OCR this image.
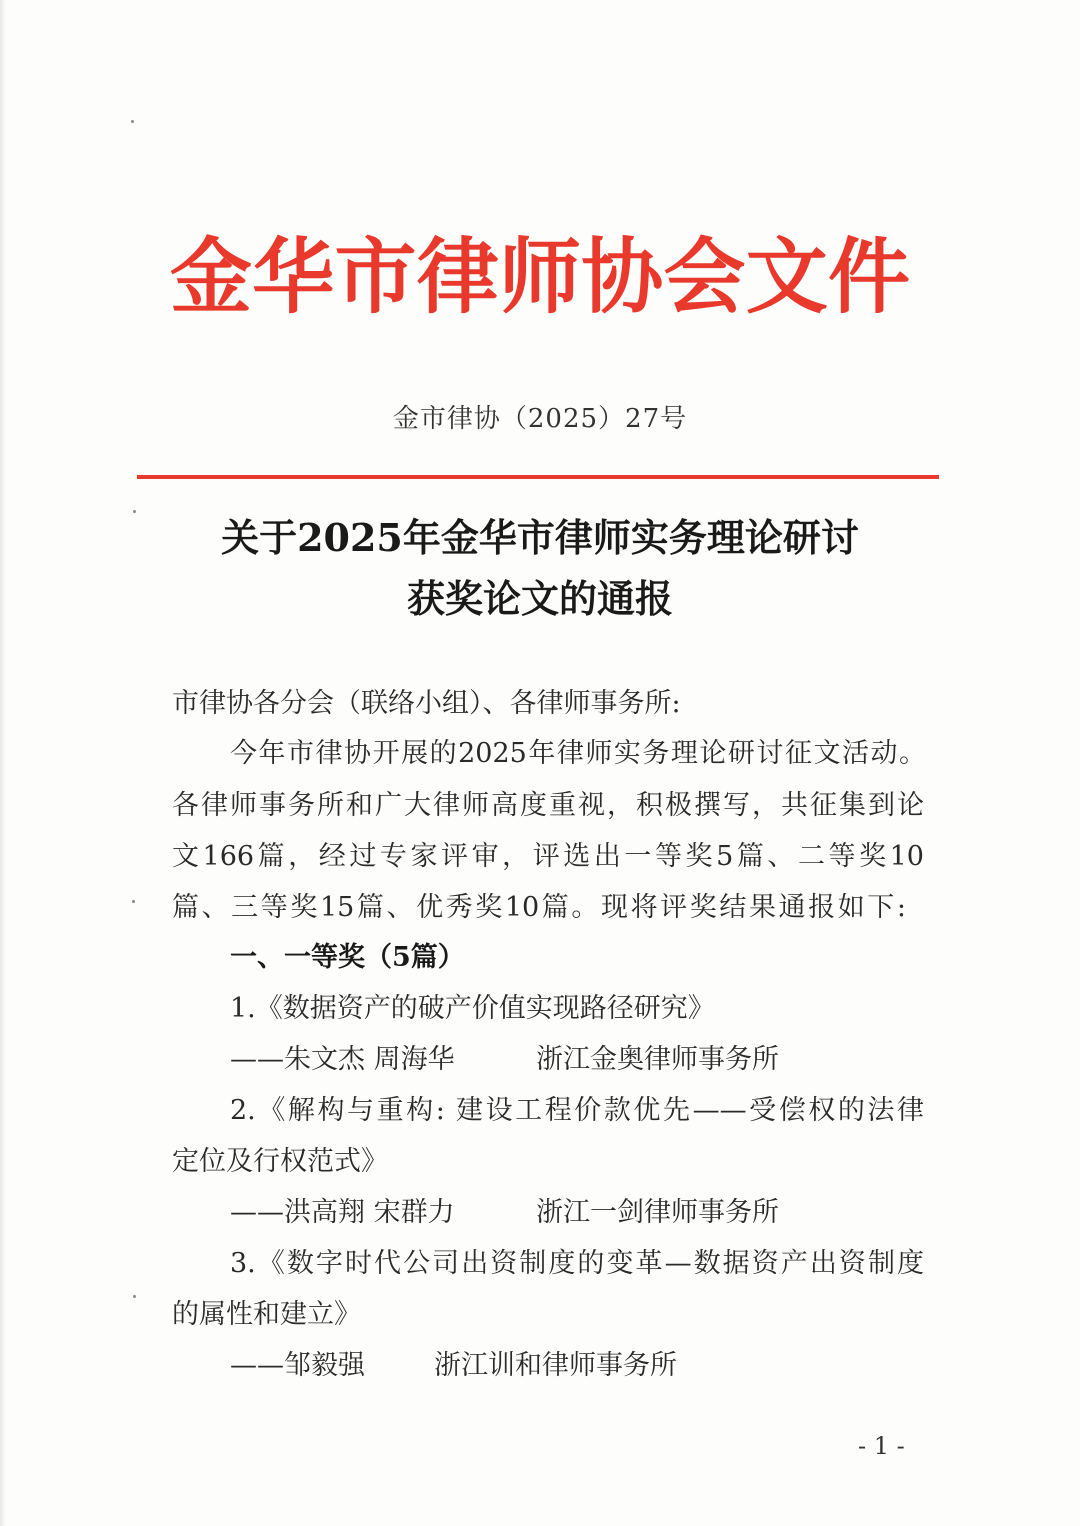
金华市律师协会文件
金市律协（2025）27号
关于2025年金华市律师实务理论研讨
获奖论文的通报
市律协各分会（联络小组）、各律师事务所:
今年市律协开展的2025年律师实务理论研讨征文活动。
各律师事务所和广大律师高度重视，积极撰写，共征集到论
文166篇，经过专家评审，评选出一等奖5篇、二等奖10
篇、三等奖15篇、优秀奖10篇。现将评奖结果通报如下:
一、一等奖（5篇）
1.《数据资产的破产价值实现路径研究》
——朱文杰 周海华	浙江金奥律师事务所
2.《解构与重构: 建设工程价款优先——受偿权的法律
定位及行权范式》
——洪高翔 宋群力	浙江一剑律师事务所
3.《数字时代公司出资制度的变革—数据资产出资制度
的属性和建立》
——邹毅强	浙江训和律师事务所
- 1 -
